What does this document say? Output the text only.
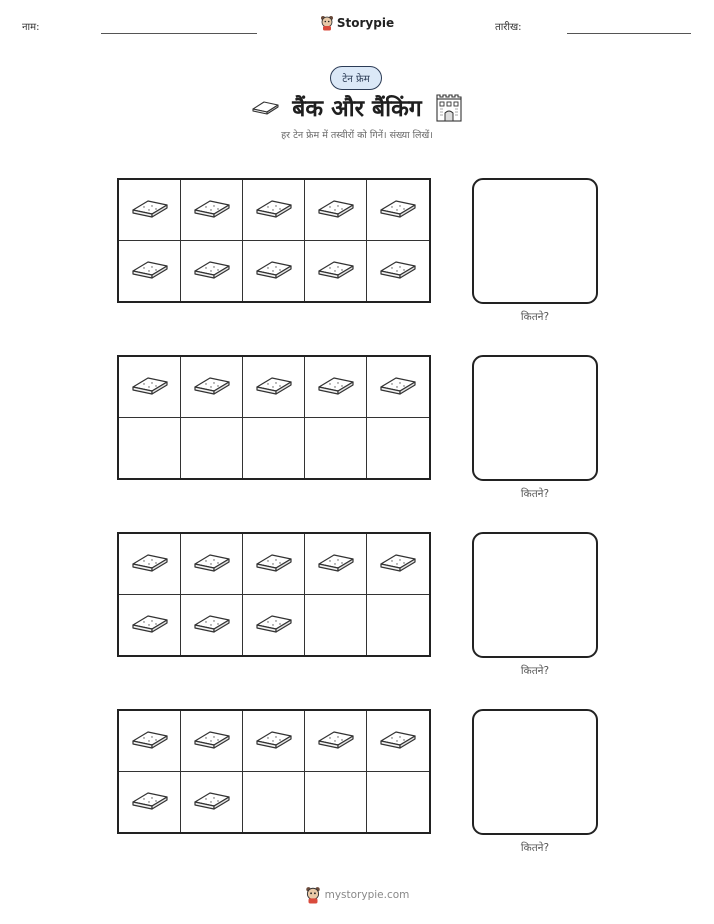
नाम:	Storypie	तारीख:
टेन फ्रेम
बैंक और बैंकिंग
हर टेन फ्रेम में तस्वीरों को गिनें। संख्या लिखें।
कितने?
कितने?
कितने?
कितने?
mystorypie.com
